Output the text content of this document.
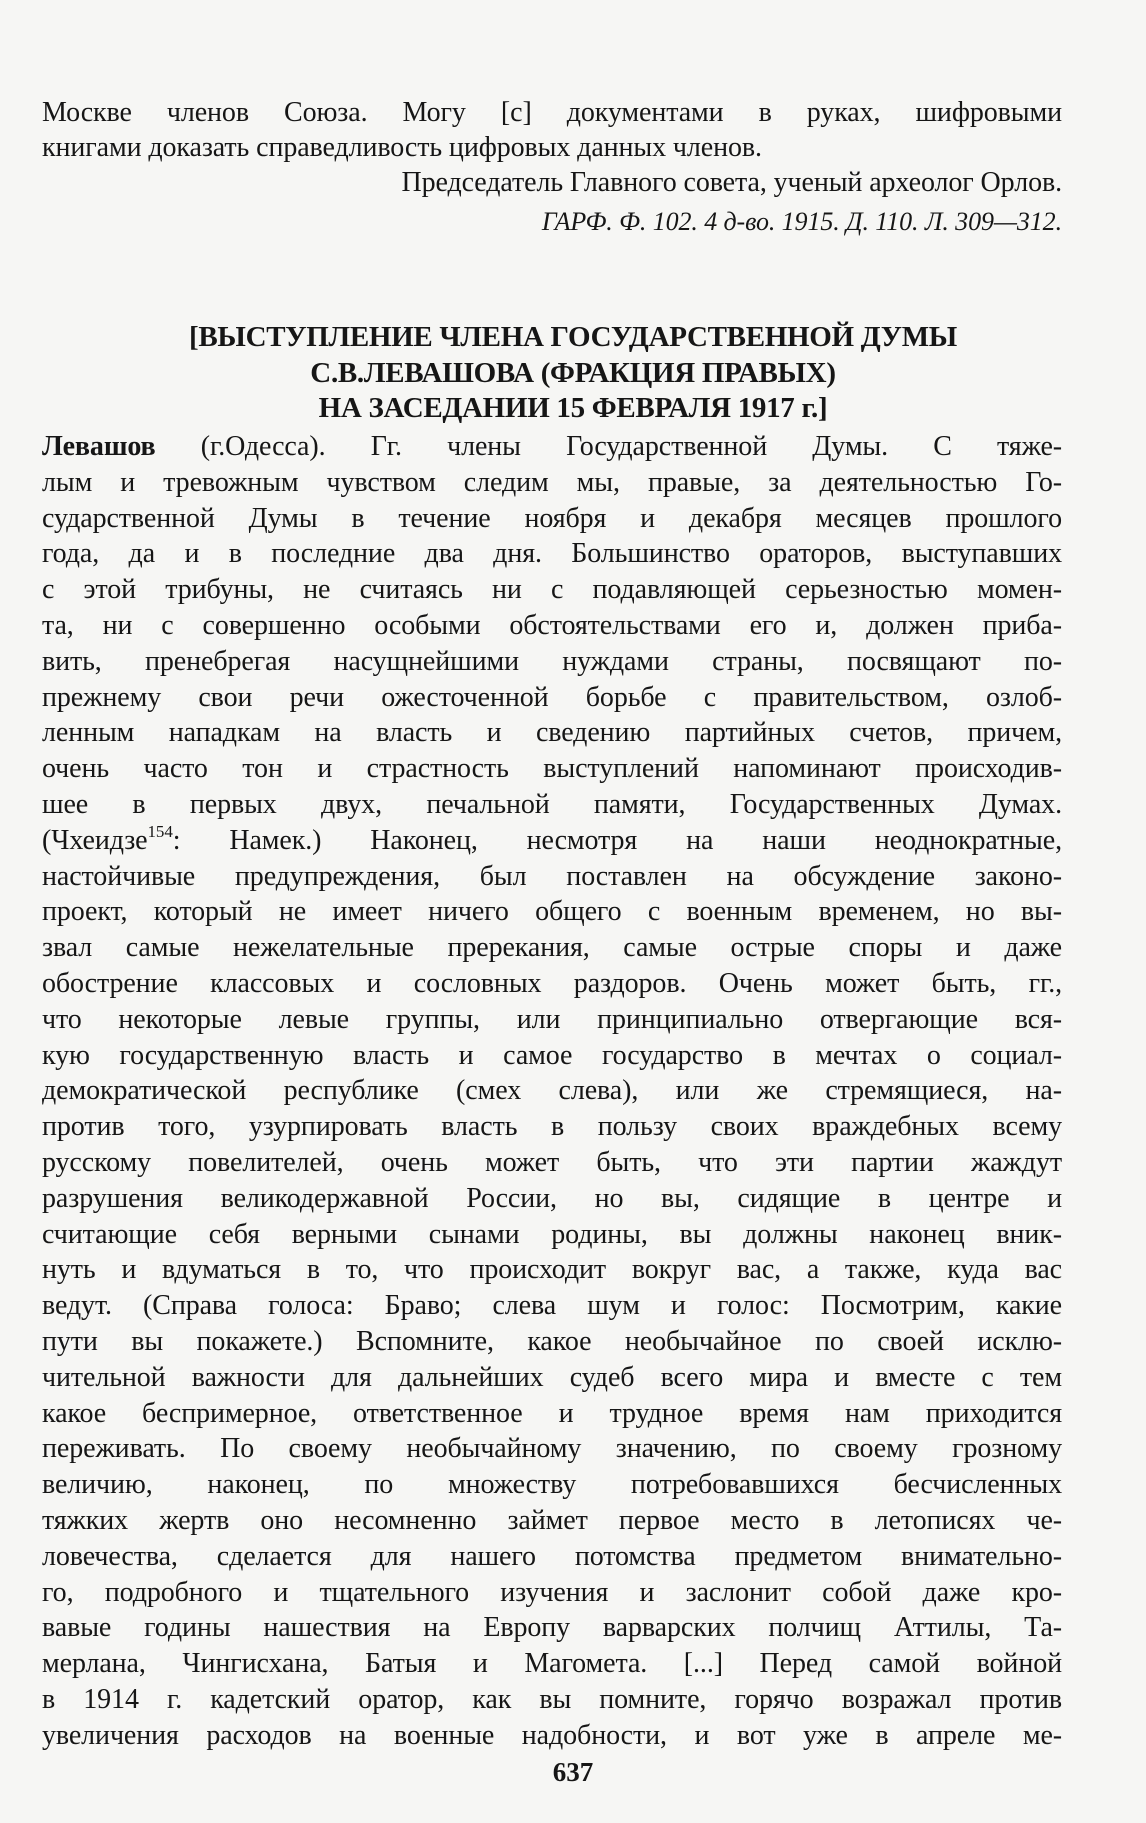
Москве членов Союза. Могу [с] документами в руках, шифровыми
книгами доказать справедливость цифровых данных членов.
Председатель Главного совета, ученый археолог Орлов.
ГАРФ. Ф. 102. 4 д-во. 1915. Д. 110. Л. 309—312.
[ВЫСТУПЛЕНИЕ ЧЛЕНА ГОСУДАРСТВЕННОЙ ДУМЫ
С.В.ЛЕВАШОВА (ФРАКЦИЯ ПРАВЫХ)
НА ЗАСЕДАНИИ 15 ФЕВРАЛЯ 1917 г.]
Левашов (г.Одесса). Гг. члены Государственной Думы. С тяже-
лым и тревожным чувством следим мы, правые, за деятельностью Го-
сударственной Думы в течение ноября и декабря месяцев прошлого
года, да и в последние два дня. Большинство ораторов, выступавших
с этой трибуны, не считаясь ни с подавляющей серьезностью момен-
та, ни с совершенно особыми обстоятельствами его и, должен приба-
вить, пренебрегая насущнейшими нуждами страны, посвящают по-
прежнему свои речи ожесточенной борьбе с правительством, озлоб-
ленным нападкам на власть и сведению партийных счетов, причем,
очень часто тон и страстность выступлений напоминают происходив-
шее в первых двух, печальной памяти, Государственных Думах.
(Чхеидзе$^{154}$: Намек.) Наконец, несмотря на наши неоднократные,
настойчивые предупреждения, был поставлен на обсуждение законо-
проект, который не имеет ничего общего с военным временем, но вы-
звал самые нежелательные пререкания, самые острые споры и даже
обострение классовых и сословных раздоров. Очень может быть, гг.,
что некоторые левые группы, или принципиально отвергающие вся-
кую государственную власть и самое государство в мечтах о социал-
демократической республике (смех слева), или же стремящиеся, на-
против того, узурпировать власть в пользу своих враждебных всему
русскому повелителей, очень может быть, что эти партии жаждут
разрушения великодержавной России, но вы, сидящие в центре и
считающие себя верными сынами родины, вы должны наконец вник-
нуть и вдуматься в то, что происходит вокруг вас, а также, куда вас
ведут. (Справа голоса: Браво; слева шум и голос: Посмотрим, какие
пути вы покажете.) Вспомните, какое необычайное по своей исклю-
чительной важности для дальнейших судеб всего мира и вместе с тем
какое беспримерное, ответственное и трудное время нам приходится
переживать. По своему необычайному значению, по своему грозному
величию, наконец, по множеству потребовавшихся бесчисленных
тяжких жертв оно несомненно займет первое место в летописях че-
ловечества, сделается для нашего потомства предметом внимательно-
го, подробного и тщательного изучения и заслонит собой даже кро-
вавые годины нашествия на Европу варварских полчищ Аттилы, Та-
мерлана, Чингисхана, Батыя и Магомета. [...] Перед самой войной
в 1914 г. кадетский оратор, как вы помните, горячо возражал против
увеличения расходов на военные надобности, и вот уже в апреле ме-
637
